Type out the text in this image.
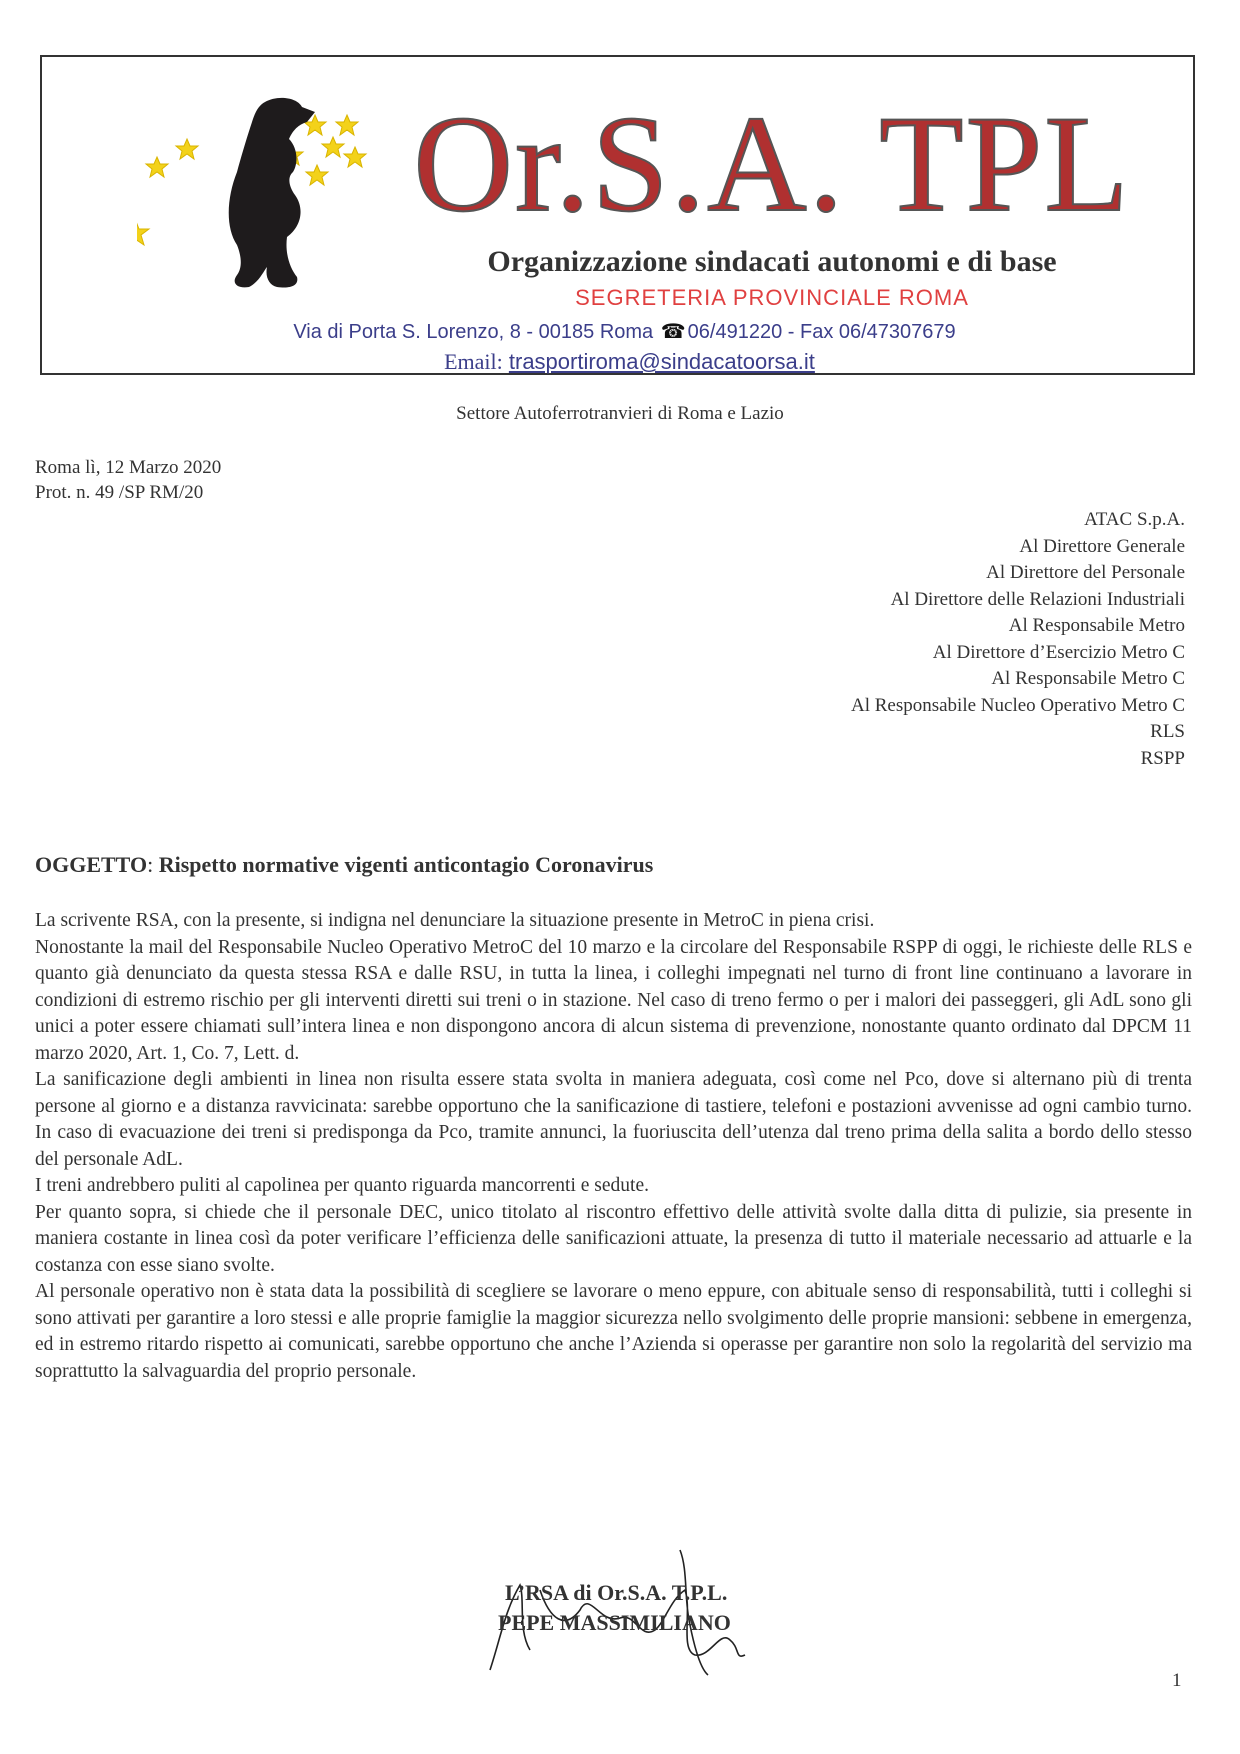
Or.S.A. TPL
Organizzazione sindacati autonomi e di base
SEGRETERIA PROVINCIALE ROMA
Via di Porta S. Lorenzo, 8 - 00185 Roma ☎ 06/491220 - Fax 06/47307679
Email: trasportiroma@sindacatoorsa.it
Settore Autoferrotranvieri di Roma e Lazio
Roma lì, 12 Marzo 2020
Prot. n. 49 /SP RM/20
ATAC S.p.A.
Al Direttore Generale
Al Direttore del Personale
Al Direttore delle Relazioni Industriali
Al Responsabile Metro
Al Direttore d’Esercizio Metro C
Al Responsabile Metro C
Al Responsabile Nucleo Operativo Metro C
RLS
RSPP
OGGETTO: Rispetto normative vigenti anticontagio Coronavirus

La scrivente RSA, con la presente, si indigna nel denunciare la situazione presente in MetroC in piena crisi.

Nonostante la mail del Responsabile Nucleo Operativo MetroC del 10 marzo e la circolare del Responsabile RSPP di oggi, le richieste delle RLS e quanto già denunciato da questa stessa RSA e dalle RSU, in tutta la linea, i colleghi impegnati nel turno di front line continuano a lavorare in condizioni di estremo rischio per gli interventi diretti sui treni o in stazione. Nel caso di treno fermo o per i malori dei passeggeri, gli AdL sono gli unici a poter essere chiamati sull’intera linea e non dispongono ancora di alcun sistema di prevenzione, nonostante quanto ordinato dal DPCM 11 marzo 2020, Art. 1, Co. 7, Lett. d.

La sanificazione degli ambienti in linea non risulta essere stata svolta in maniera adeguata, così come nel Pco, dove si alternano più di trenta persone al giorno e a distanza ravvicinata: sarebbe opportuno che la sanificazione di tastiere, telefoni e postazioni avvenisse ad ogni cambio turno. In caso di evacuazione dei treni si predisponga da Pco, tramite annunci, la fuoriuscita dell’utenza dal treno prima della salita a bordo dello stesso del personale AdL.

I treni andrebbero puliti al capolinea per quanto riguarda mancorrenti e sedute.

Per quanto sopra, si chiede che il personale DEC, unico titolato al riscontro effettivo delle attività svolte dalla ditta di pulizie, sia presente in maniera costante in linea così da poter verificare l’efficienza delle sanificazioni attuate, la presenza di tutto il materiale necessario ad attuarle e la costanza con esse siano svolte.

Al personale operativo non è stata data la possibilità di scegliere se lavorare o meno eppure, con abituale senso di responsabilità, tutti i colleghi si sono attivati per garantire a loro stessi e alle proprie famiglie la maggior sicurezza nello svolgimento delle proprie mansioni: sebbene in emergenza, ed in estremo ritardo rispetto ai comunicati, sarebbe opportuno che anche l’Azienda si operasse per garantire non solo la regolarità del servizio ma soprattutto la salvaguardia del proprio personale.

L’RSA di Or.S.A. T.P.L.
PEPE MASSIMILIANO
1
